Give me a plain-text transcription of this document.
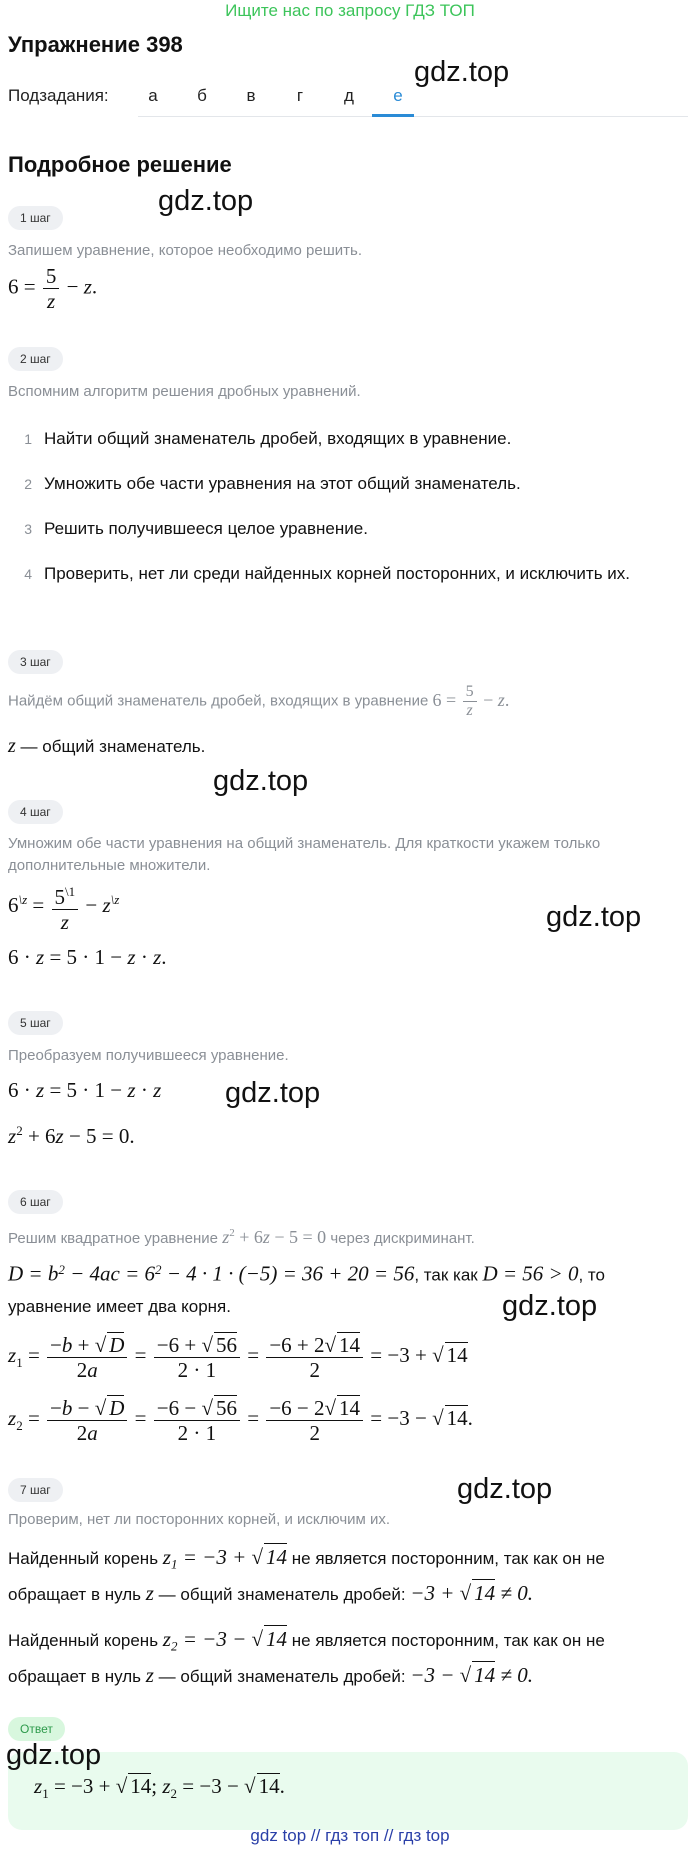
Ищите нас по запросу ГДЗ ТОП
Упражнение 398
Подзадания:	а	б	в	г	д	е
gdz.top
Подробное решение
gdz.top
1 шаг
Запишем уравнение, которое необходимо решить.
$6 = \frac{5}{z} - z$.
2 шаг
Вспомним алгоритм решения дробных уравнений.
1 Найти общий знаменатель дробей, входящих в уравнение.
2 Умножить обе части уравнения на этот общий знаменатель.
3 Решить получившееся целое уравнение.
4 Проверить, нет ли среди найденных корней посторонних, и исключить их.
3 шаг
Найдём общий знаменатель дробей, входящих в уравнение $6 = \frac{5}{z} - z$.
z — общий знаменатель.
gdz.top
4 шаг
Умножим обе части уравнения на общий знаменатель. Для краткости укажем только дополнительные множители.
$6^{\backslash z} = \frac{5^{\backslash 1}}{z} - z^{\backslash z}$
gdz.top
6 · z = 5 · 1 − z · z.
5 шаг
Преобразуем получившееся уравнение.
6 · z = 5 · 1 − z · z gdz.top
$z^2 + 6z - 5 = 0$.
6 шаг
Решим квадратное уравнение $z^2 + 6z - 5 = 0$ через дискриминант.
$D = b^2 - 4ac = 6^2 - 4 \cdot 1 \cdot (-5) = 36 + 20 = 56$, так как D = 56 > 0, то
уравнение имеет два корня.	gdz.top
$z_1 = \frac{-b + √ D}{2a} = \frac{-6 + √ 56}{2 \cdot 1} = \frac{-6 + 2√ 14}{2} = -3$ + √ 14
$z_2 = \frac{-b - √ D}{2a} = \frac{-6 - √ 56}{2 \cdot 1} = \frac{-6 - 2√ 14}{2} = -3$ − √ 14.
7 шаг	gdz.top
Проверим, нет ли посторонних корней, и исключим их.
Найденный корень $z_1 = -3$ + √ 14 не является посторонним, так как он не
обращает в нуль z — общий знаменатель дробей: −3 + √ 14 ≠ 0.
Найденный корень $z_2 = -3$ − √ 14 не является посторонним, так как он не
обращает в нуль z — общий знаменатель дробей: −3 − √ 14 ≠ 0.
Ответ
gdz.top
$z_1 = -3$ + √ 14; $z_2 = -3$ − √ 14.
gdz top // гдз топ // гдз top
